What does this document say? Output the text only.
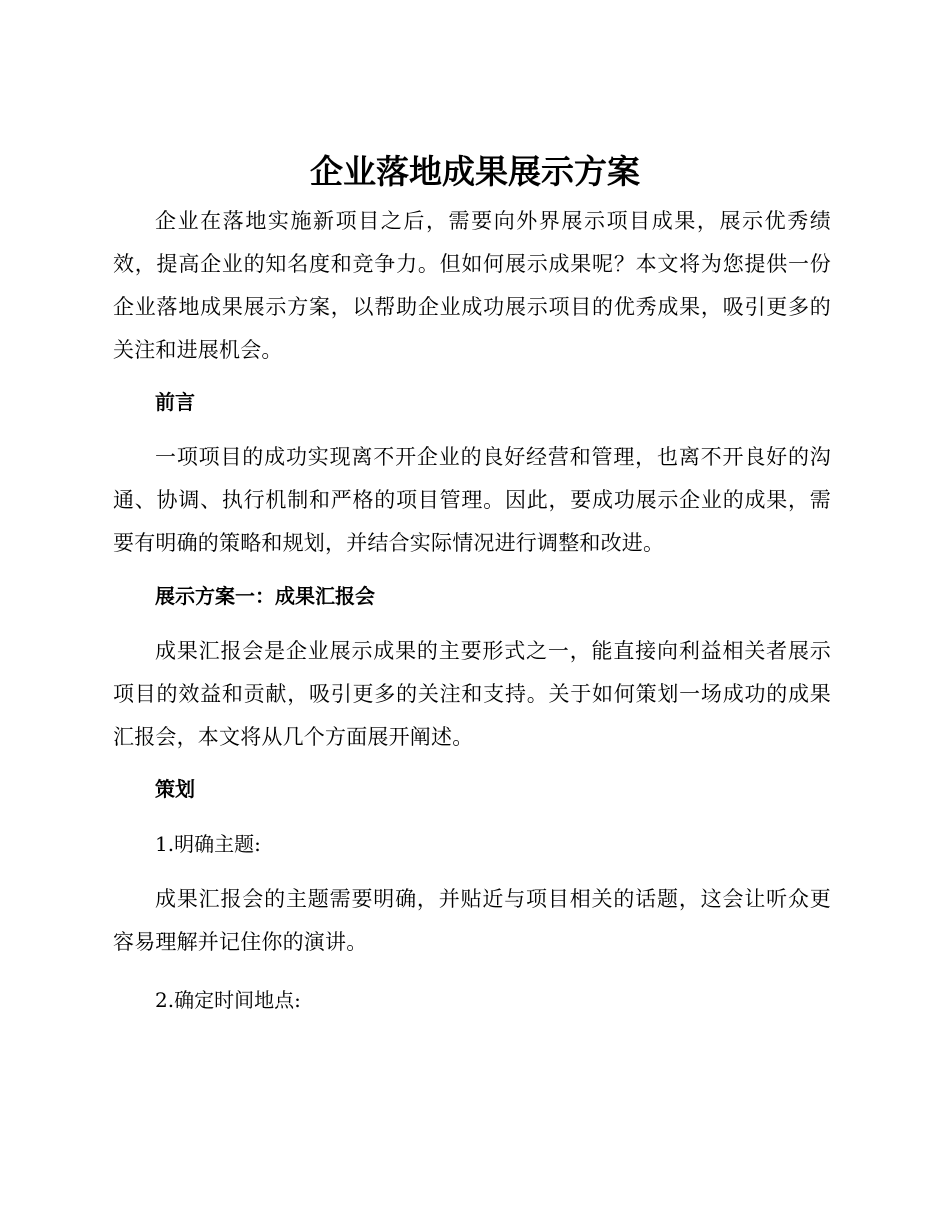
企业落地成果展示方案

企业在落地实施新项目之后，需要向外界展示项目成果，展示优秀绩效，提高企业的知名度和竞争力。但如何展示成果呢？本文将为您提供一份企业落地成果展示方案，以帮助企业成功展示项目的优秀成果，吸引更多的关注和进展机会。

前言

一项项目的成功实现离不开企业的良好经营和管理，也离不开良好的沟通、协调、执行机制和严格的项目管理。因此，要成功展示企业的成果，需要有明确的策略和规划，并结合实际情况进行调整和改进。

展示方案一：成果汇报会

成果汇报会是企业展示成果的主要形式之一，能直接向利益相关者展示项目的效益和贡献，吸引更多的关注和支持。关于如何策划一场成功的成果汇报会，本文将从几个方面展开阐述。

策划

1.明确主题:

成果汇报会的主题需要明确，并贴近与项目相关的话题，这会让听众更容易理解并记住你的演讲。

2.确定时间地点:
